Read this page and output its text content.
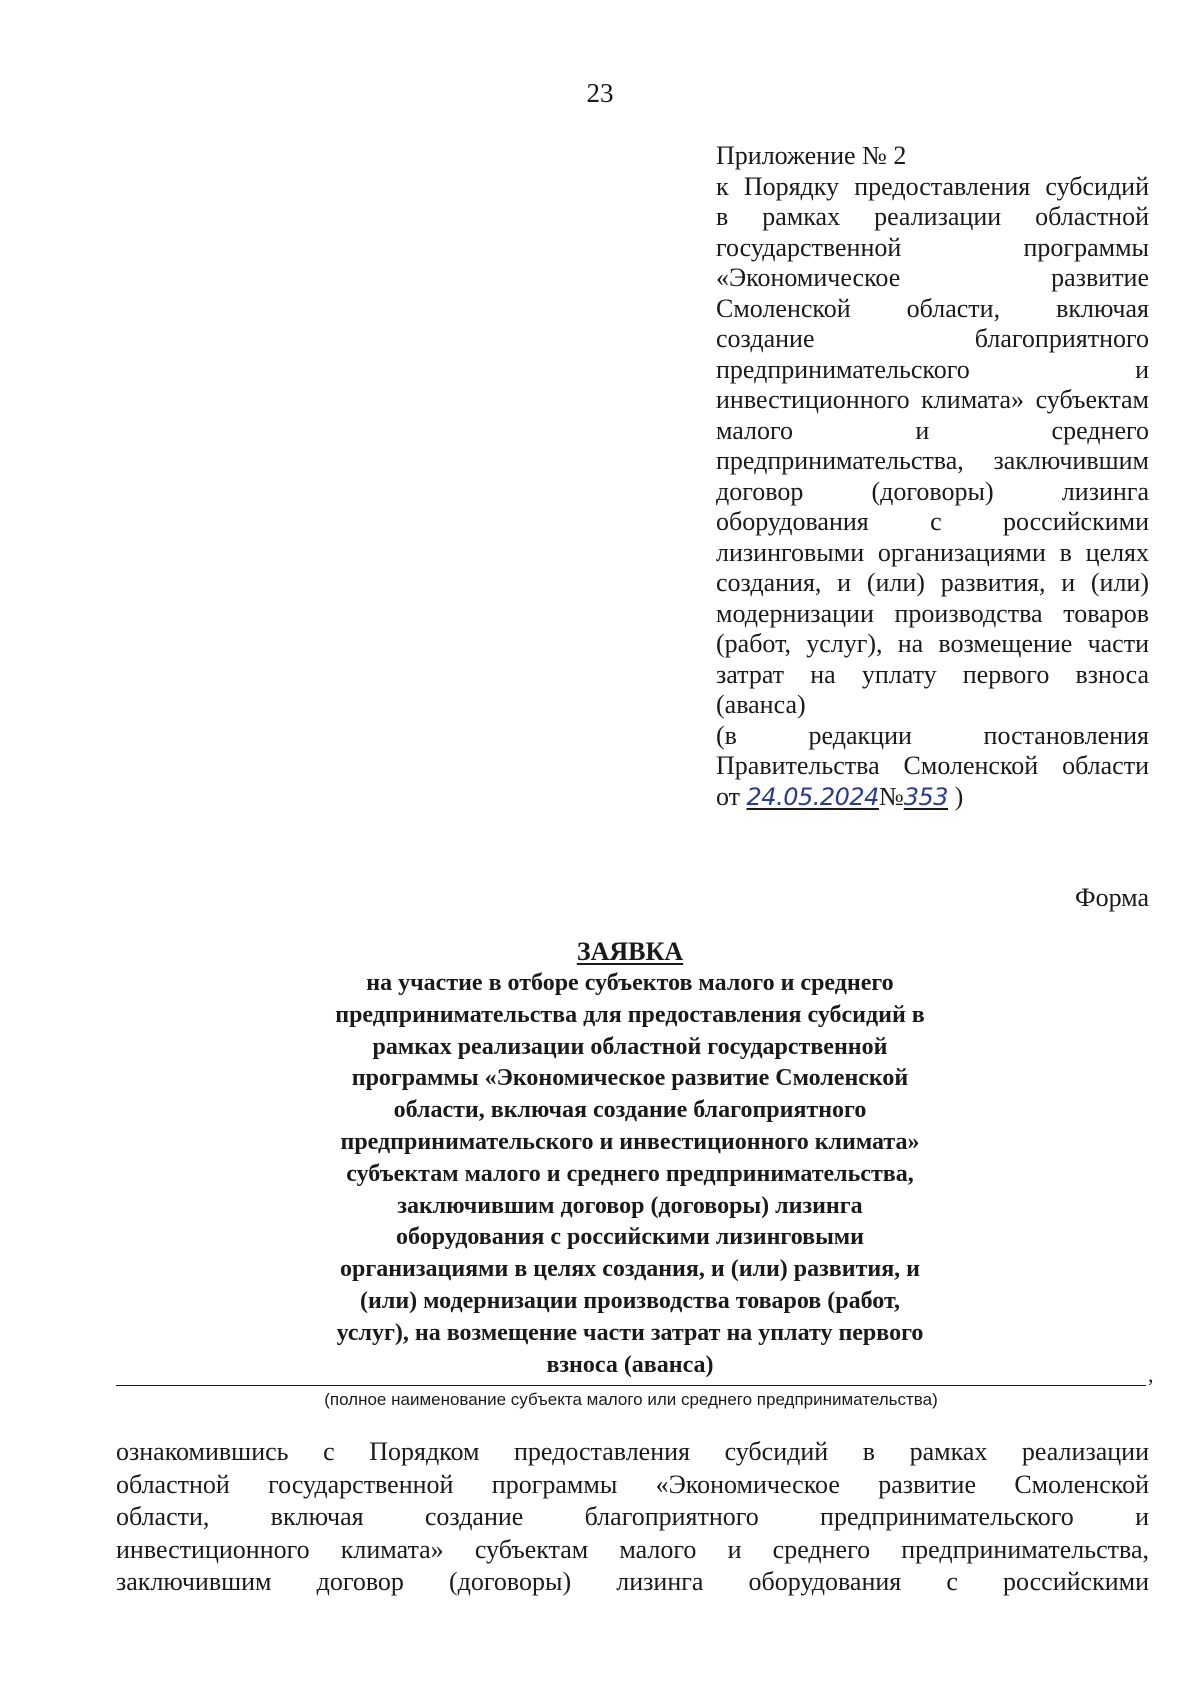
23
Приложение № 2
к Порядку предоставления субсидий
в рамках реализации областной
государственной программы
«Экономическое развитие
Смоленской области, включая
создание благоприятного
предпринимательского и
инвестиционного климата» субъектам
малого и среднего
предпринимательства, заключившим
договор (договоры) лизинга
оборудования с российскими
лизинговыми организациями в целях
создания, и (или) развития, и (или)
модернизации производства товаров
(работ, услуг), на возмещение части
затрат на уплату первого взноса
(аванса)
(в редакции постановления
Правительства Смоленской области
от 24.05.2024№353 )
Форма
ЗАЯВКА
на участие в отборе субъектов малого и среднего
предпринимательства для предоставления субсидий в
рамках реализации областной государственной
программы «Экономическое развитие Смоленской
области, включая создание благоприятного
предпринимательского и инвестиционного климата»
субъектам малого и среднего предпринимательства,
заключившим договор (договоры) лизинга
оборудования с российскими лизинговыми
организациями в целях создания, и (или) развития, и
(или) модернизации производства товаров (работ,
услуг), на возмещение части затрат на уплату первого
взноса (аванса)	,
(полное наименование субъекта малого или среднего предпринимательства)
ознакомившись с Порядком предоставления субсидий в рамках реализации
областной государственной программы «Экономическое развитие Смоленской
области, включая создание благоприятного предпринимательского и
инвестиционного климата» субъектам малого и среднего предпринимательства,
заключившим договор (договоры) лизинга оборудования с российскими
